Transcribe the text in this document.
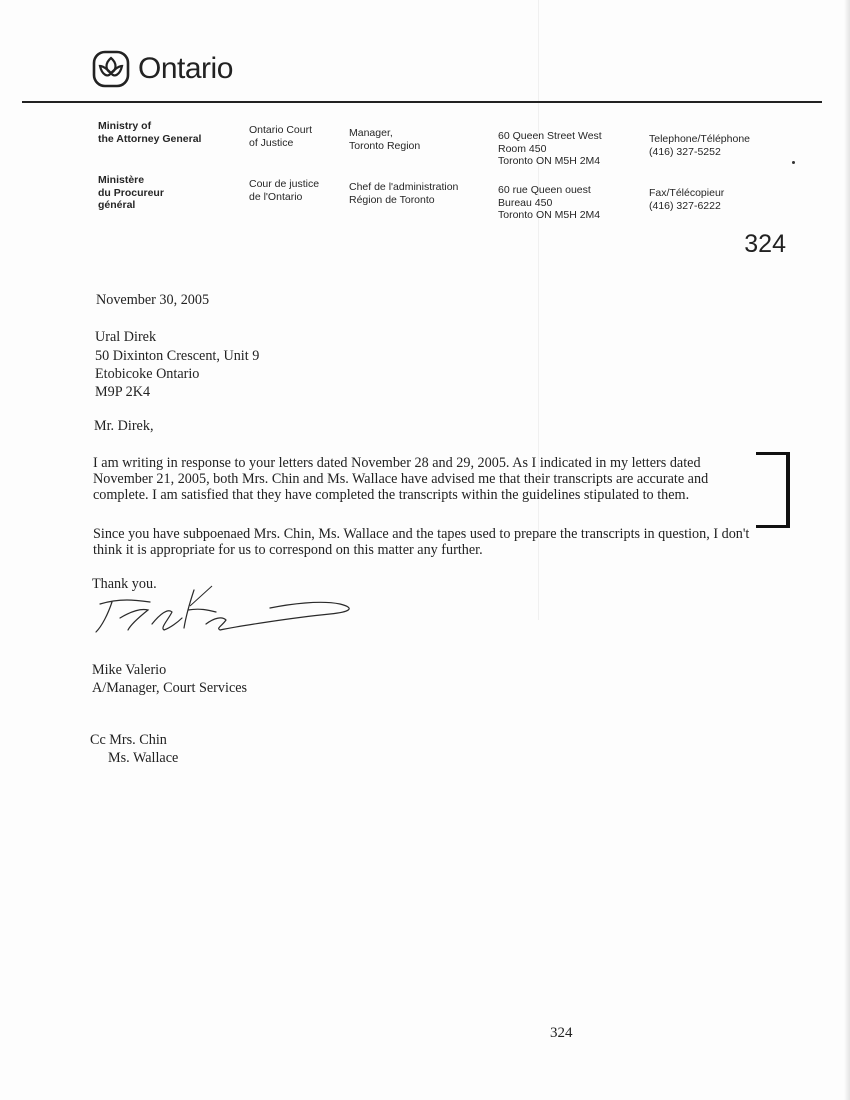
Ontario
Ministry of
the Attorney General
Ministère
du Procureur
général
Ontario Court
of Justice
Cour de justice
de l'Ontario
Manager,
Toronto Region
Chef de l'administration
Région de Toronto
60 Queen Street West
Room 450
Toronto ON M5H 2M4
60 rue Queen ouest
Bureau 450
Toronto ON M5H 2M4
Telephone/Téléphone
(416) 327-5252
Fax/Télécopieur
(416) 327-6222
324
November 30, 2005
Ural Direk
50 Dixinton Crescent, Unit 9
Etobicoke Ontario
M9P 2K4
Mr. Direk,
I am writing in response to your letters dated November 28 and 29, 2005. As I indicated in my letters dated November 21, 2005, both Mrs. Chin and Ms. Wallace have advised me that their transcripts are accurate and complete. I am satisfied that they have completed the transcripts within the guidelines stipulated to them.
Since you have subpoenaed Mrs. Chin, Ms. Wallace and the tapes used to prepare the transcripts in question, I don't think it is appropriate for us to correspond on this matter any further.
Thank you.
Mike Valerio
A/Manager, Court Services
Cc Mrs. Chin
Ms. Wallace
324
